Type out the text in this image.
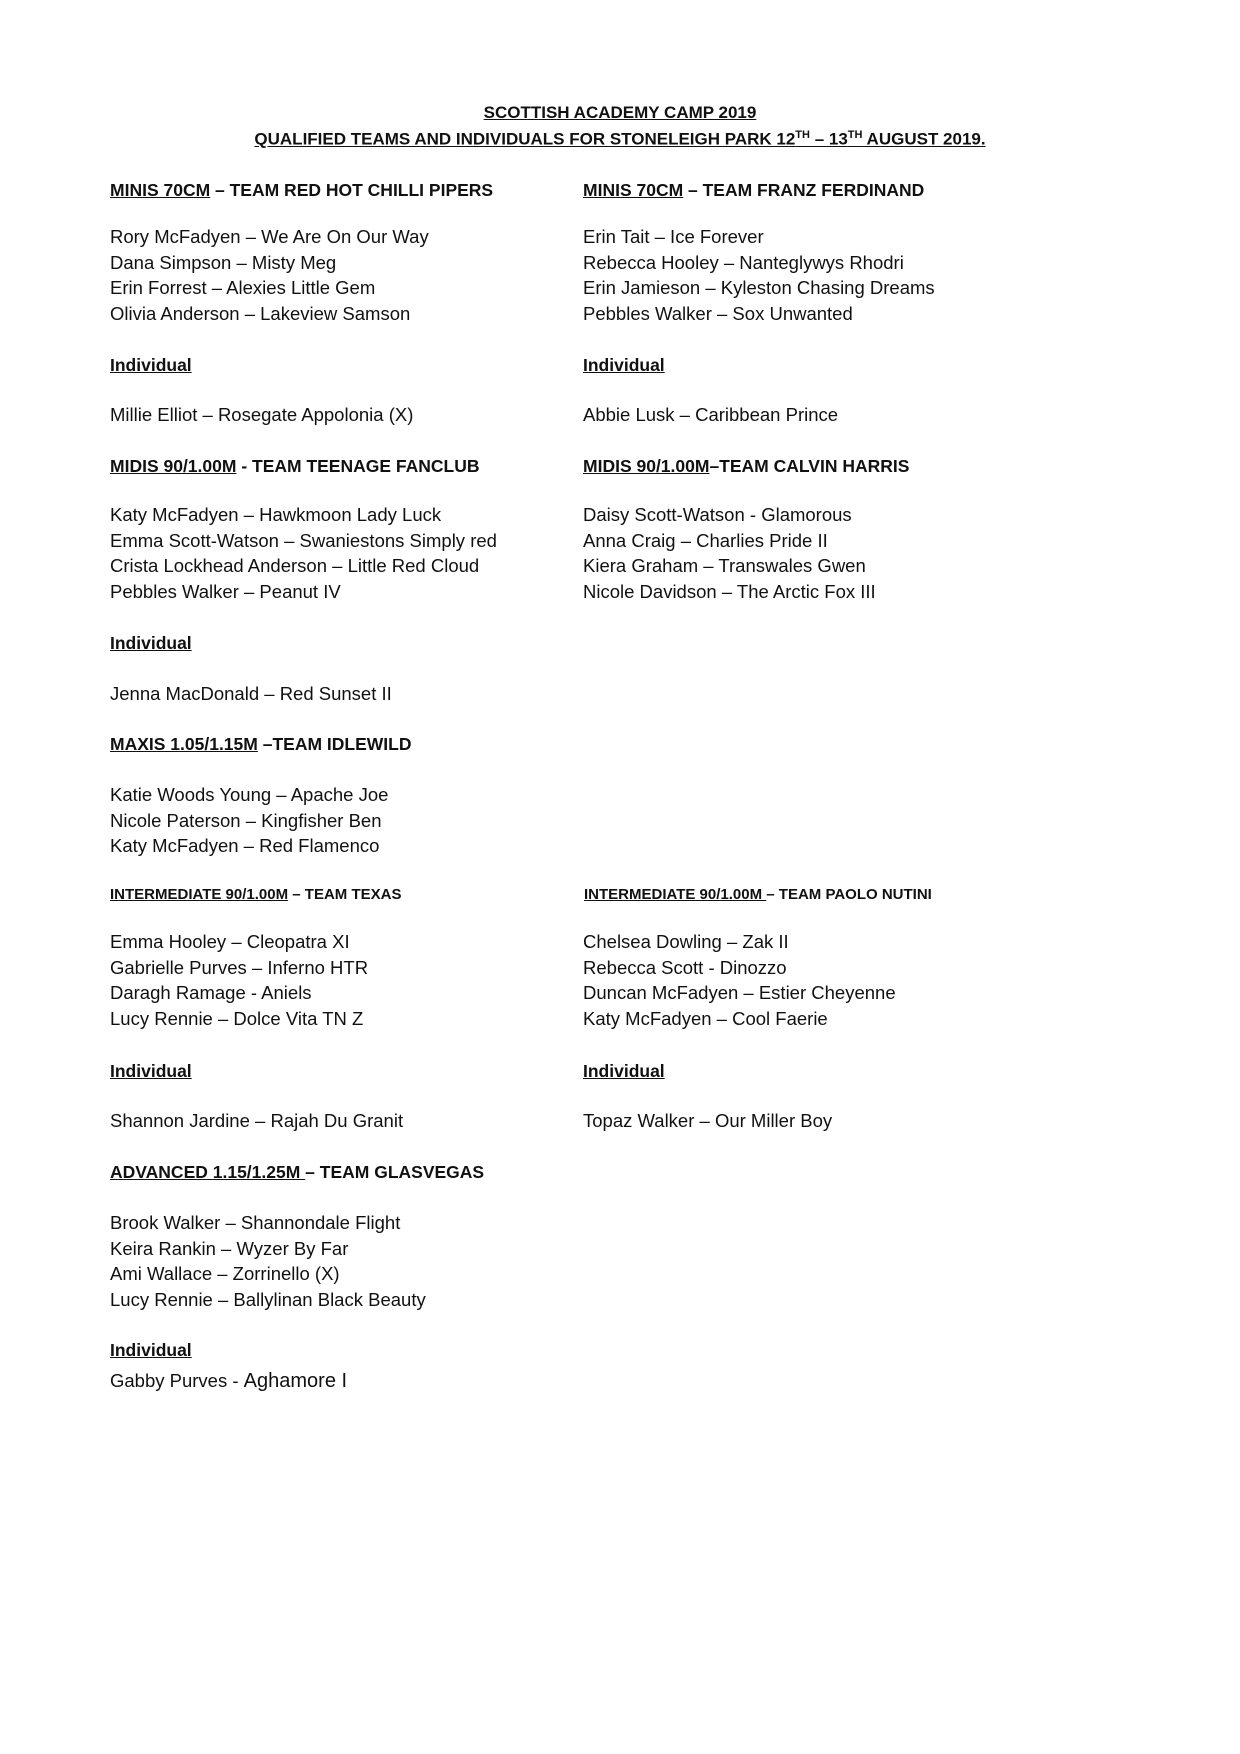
SCOTTISH ACADEMY CAMP 2019
QUALIFIED TEAMS AND INDIVIDUALS FOR STONELEIGH PARK 12TH – 13TH AUGUST 2019.
MINIS 70CM – TEAM RED HOT CHILLI PIPERS
Rory McFadyen – We Are On Our Way
Dana Simpson – Misty Meg
Erin Forrest – Alexies Little Gem
Olivia Anderson – Lakeview Samson
Individual
Millie Elliot – Rosegate Appolonia (X)
MINIS 70CM – TEAM FRANZ FERDINAND
Erin Tait – Ice Forever
Rebecca Hooley – Nanteglywys Rhodri
Erin Jamieson – Kyleston Chasing Dreams
Pebbles Walker – Sox Unwanted
Individual
Abbie Lusk – Caribbean Prince
MIDIS 90/1.00M - TEAM TEENAGE FANCLUB
Katy McFadyen – Hawkmoon Lady Luck
Emma Scott-Watson – Swaniestons Simply red
Crista Lockhead Anderson – Little Red Cloud
Pebbles Walker – Peanut IV
Individual
Jenna MacDonald – Red Sunset II
MIDIS 90/1.00M–TEAM CALVIN HARRIS
Daisy Scott-Watson - Glamorous
Anna Craig – Charlies Pride II
Kiera Graham – Transwales Gwen
Nicole Davidson – The Arctic Fox III
MAXIS 1.05/1.15M –TEAM IDLEWILD
Katie Woods Young – Apache Joe
Nicole Paterson – Kingfisher Ben
Katy McFadyen – Red Flamenco
INTERMEDIATE 90/1.00M – TEAM TEXAS
Emma Hooley – Cleopatra XI
Gabrielle Purves – Inferno HTR
Daragh Ramage - Aniels
Lucy Rennie – Dolce Vita TN Z
Individual
Shannon Jardine – Rajah Du Granit
INTERMEDIATE 90/1.00M – TEAM PAOLO NUTINI
Chelsea Dowling – Zak II
Rebecca Scott - Dinozzo
Duncan McFadyen – Estier Cheyenne
Katy McFadyen – Cool Faerie
Individual
Topaz Walker – Our Miller Boy
ADVANCED 1.15/1.25M – TEAM GLASVEGAS
Brook Walker – Shannondale Flight
Keira Rankin – Wyzer By Far
Ami Wallace – Zorrinello (X)
Lucy Rennie – Ballylinan Black Beauty
Individual
Gabby Purves - Aghamore I
